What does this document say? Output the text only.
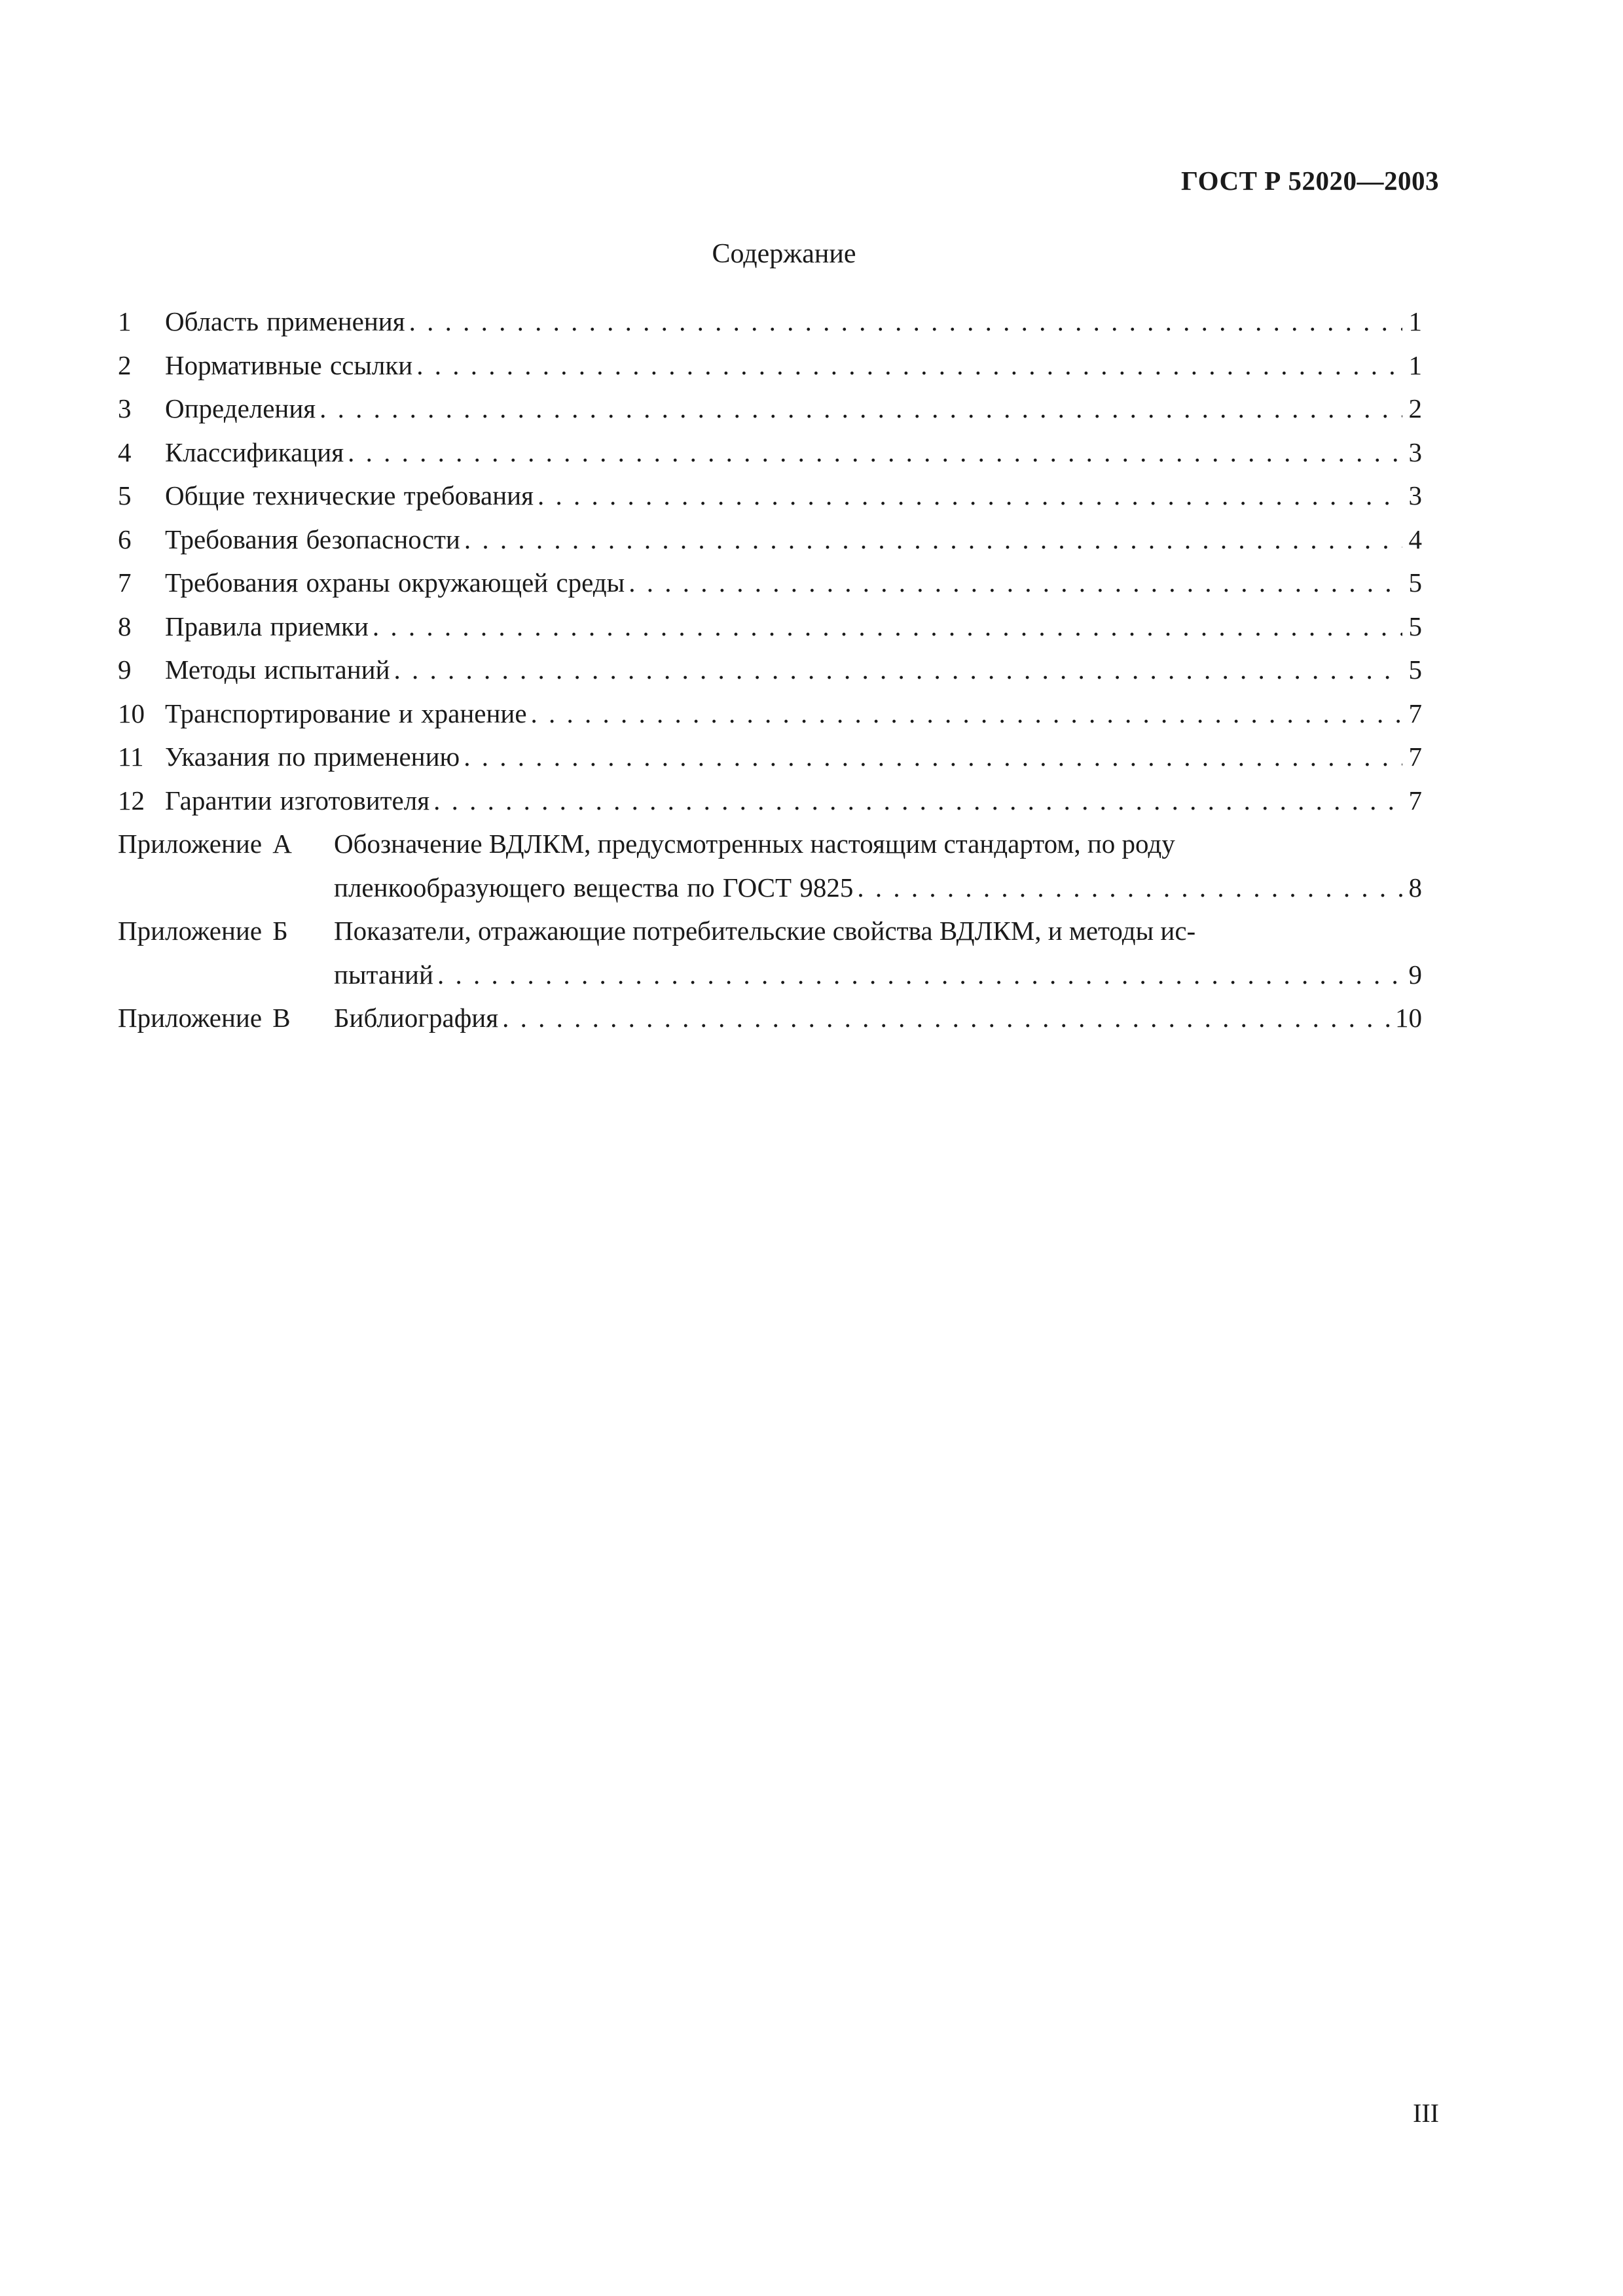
ГОСТ Р 52020—2003
Содержание
1	Область применения . . .	1
2	Нормативные ссылки . . .	1
3	Определения . . .	2
4	Классификация . . .	3
5	Общие технические требования . . .	3
6	Требования безопасности . . .	4
7	Требования охраны окружающей среды . . .	5
8	Правила приемки . . .	5
9	Методы испытаний . . .	5
10 Транспортирование и хранение . . .	7
11 Указания по применению . . .	7
12 Гарантии изготовителя . . .	7
Приложение А	Обозначение ВДЛКМ, предусмотренных настоящим стандартом, по роду
пленкообразующего вещества по ГОСТ 9825 . . .	8
Приложение Б	Показатели, отражающие потребительские свойства ВДЛКМ, и методы ис-
пытаний . . .	9
Приложение В	Библиография . . .	10
III
